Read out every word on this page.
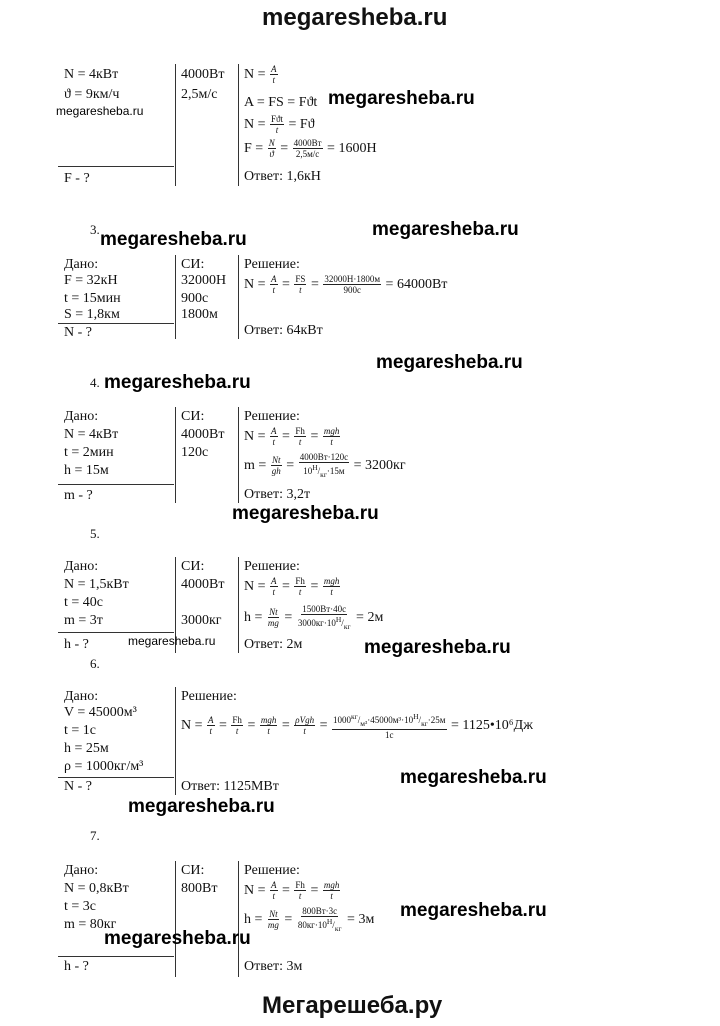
megaresheba.ru
N = 4кВт
ϑ = 9км/ч
F - ?
4000Вт
2,5м/с
$N = \frac{A}{t}$
A = FS = Fϑt
$N = \frac{\text{Fϑt}}{t}$
= Fϑ
$F = \frac{N}{ϑ} = \frac{4000Вт}{2,5м/с}$
= 1600Н
Ответ: 1,6кН
3.
Дано:
F = 32кН
t = 15мин
S = 1,8км
N - ?
СИ:
32000Н
900с
1800м
Решение:
$N = \frac{A}{t} = \frac{FS}{t} = \frac{32000Н\cdot 1800м}{900с}$
= 64000Вт
Ответ: 64кВт
4.
Дано:
N = 4кВт
t = 2мин
h = 15м
m - ?
СИ:
4000Вт
120с
Решение:
$N = \frac{A}{t} = \frac{Fh}{t} = \frac{\text{mgh}}{t}$
$m = \frac{Nt}{gh} = \frac{4000Вт\cdot 120с}{10^Н/_{кг}\cdot 15м}$
= 3200кг
Ответ: 3,2т
5.
Дано:
N = 1,5кВт
t = 40с
m = 3т
h - ?
СИ:
4000Вт
3000кг
Решение:
$N = \frac{A}{t} = \frac{Fh}{t} = \frac{\text{mgh}}{t}$
$h = \frac{Nt}{mg} = \frac{1500Вт\cdot 40с}{3000кг\cdot 10^Н/_{кг}}$
= 2м
Ответ: 2м
6.
Дано:
V = 45000м³
t = 1с
h = 25м
ρ = 1000кг/м³
N - ?
Решение:
$N = \frac{A}{t} = \frac{Fh}{t} = \frac{\text{mgh}}{t} = \frac{\text{ρVgh}}{t} = \frac{1000^{кг}/_{м^3}\cdot 45000м^3\cdot 10^Н/_{кг}\cdot 25м}{1с}$
= 1125•10⁶Дж
Ответ: 1125МВт
7.
Дано:
N = 0,8кВт
t = 3с
m = 80кг
h - ?
СИ:
800Вт
Решение:
$N = \frac{A}{t} = \frac{Fh}{t} = \frac{\text{mgh}}{t}$
$h = \frac{Nt}{mg} = \frac{800Вт\cdot 3с}{80кг\cdot 10^Н/_{кг}}$
= 3м
Ответ: 3м
megaresheba.ru
megaresheba.ru
megaresheba.ru	megaresheba.ru
megaresheba.ru
megaresheba.ru
megaresheba.ru
megaresheba.ru	megaresheba.ru
megaresheba.ru
megaresheba.ru
megaresheba.ru
megaresheba.ru
Мегарешеба.ру
